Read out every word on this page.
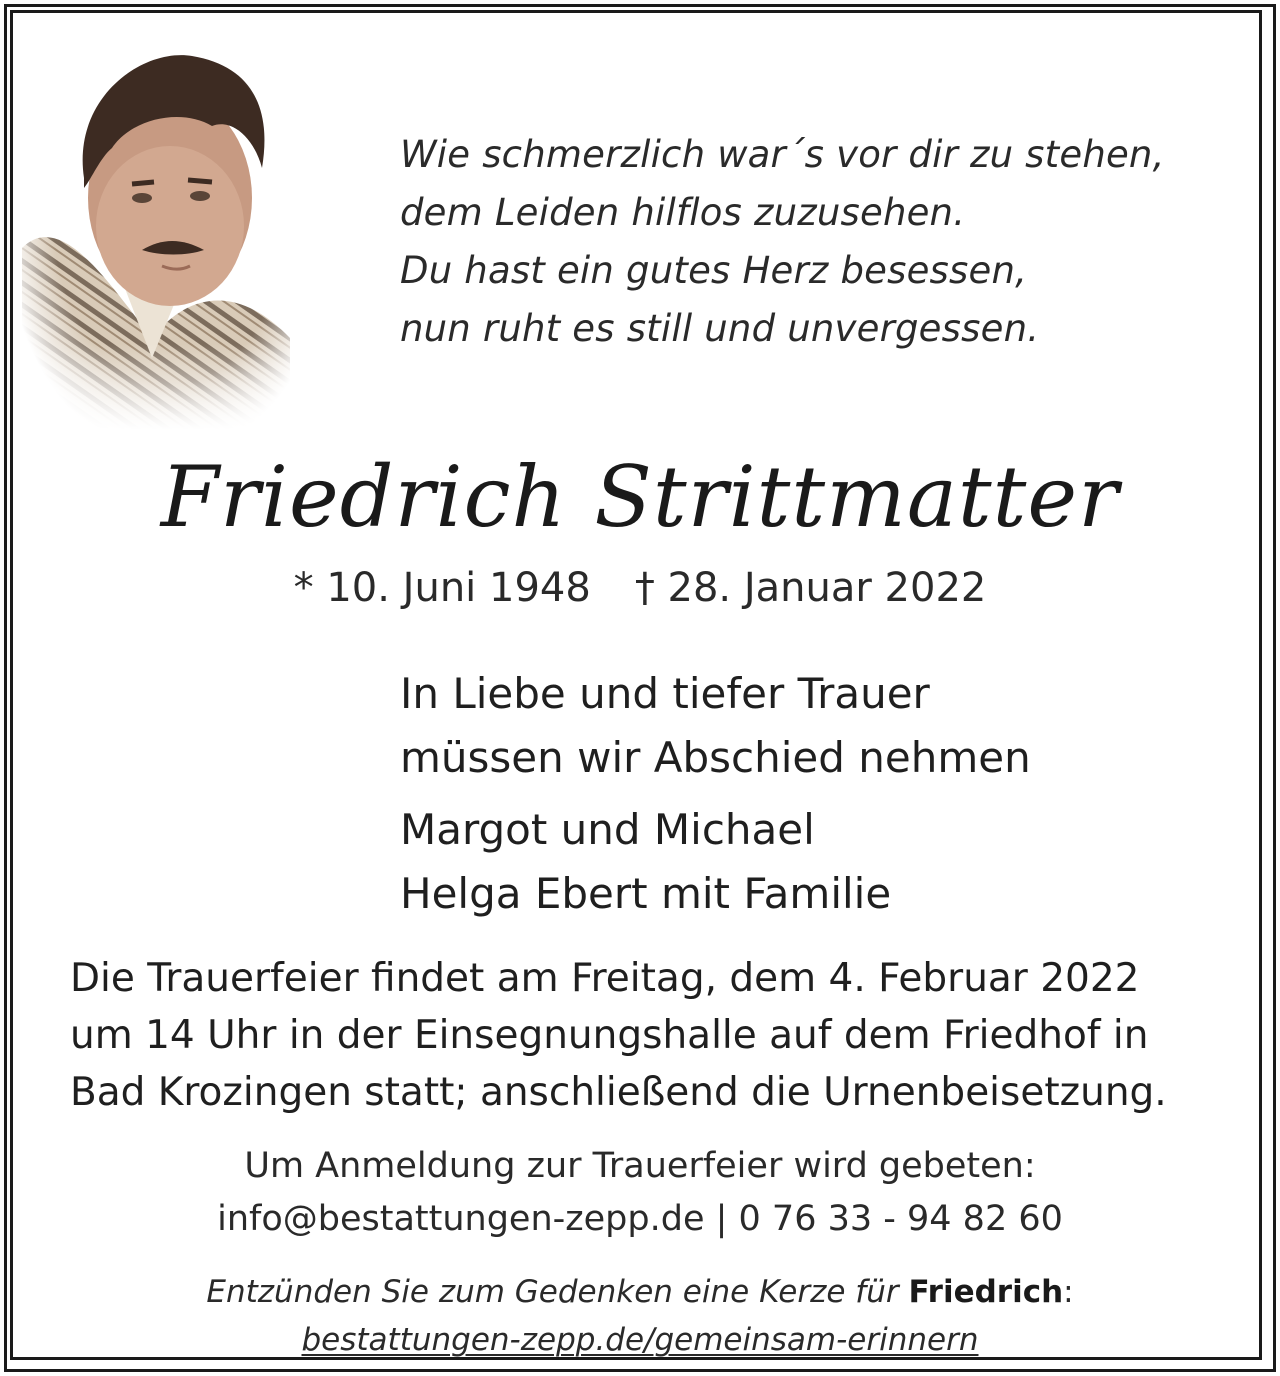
Wie schmerzlich war´s vor dir zu stehen,
dem Leiden hilflos zuzusehen.
Du hast ein gutes Herz besessen,
nun ruht es still und unvergessen.
Friedrich Strittmatter
* 10. Juni 1948 † 28. Januar 2022
In Liebe und tiefer Trauer
müssen wir Abschied nehmen
Margot und Michael
Helga Ebert mit Familie
Die Trauerfeier findet am Freitag, dem 4. Februar 2022
um 14 Uhr in der Einsegnungshalle auf dem Friedhof in
Bad Krozingen statt; anschließend die Urnenbeisetzung.
Um Anmeldung zur Trauerfeier wird gebeten:
info@bestattungen-zepp.de | 0 76 33 - 94 82 60
Entzünden Sie zum Gedenken eine Kerze für Friedrich:
bestattungen-zepp.de/gemeinsam-erinnern
